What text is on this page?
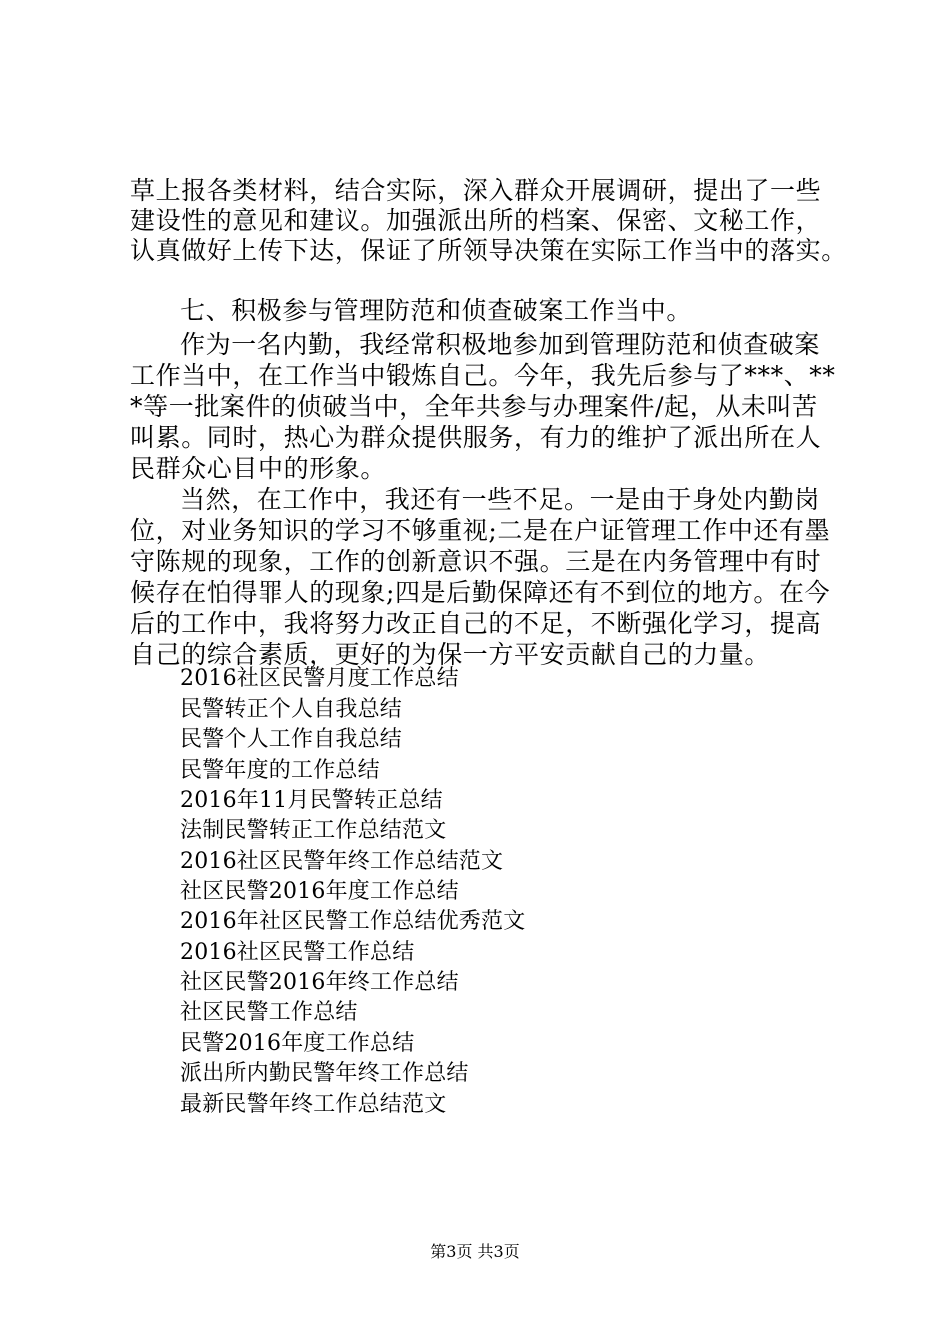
草上报各类材料，结合实际，深入群众开展调研，提出了一些
建设性的意见和建议。加强派出所的档案、保密、文秘工作，
认真做好上传下达，保证了所领导决策在实际工作当中的落实。
七、积极参与管理防范和侦查破案工作当中。
作为一名内勤，我经常积极地参加到管理防范和侦查破案
工作当中，在工作当中锻炼自己。今年，我先后参与了***、**
*等一批案件的侦破当中，全年共参与办理案件/起，从未叫苦
叫累。同时，热心为群众提供服务，有力的维护了派出所在人
民群众心目中的形象。
当然，在工作中，我还有一些不足。一是由于身处内勤岗
位，对业务知识的学习不够重视;二是在户证管理工作中还有墨
守陈规的现象，工作的创新意识不强。三是在内务管理中有时
候存在怕得罪人的现象;四是后勤保障还有不到位的地方。在今
后的工作中，我将努力改正自己的不足，不断强化学习，提高
自己的综合素质，更好的为保一方平安贡献自己的力量。
2016社区民警月度工作总结
民警转正个人自我总结
民警个人工作自我总结
民警年度的工作总结
2016年11月民警转正总结
法制民警转正工作总结范文
2016社区民警年终工作总结范文
社区民警2016年度工作总结
2016年社区民警工作总结优秀范文
2016社区民警工作总结
社区民警2016年终工作总结
社区民警工作总结
民警2016年度工作总结
派出所内勤民警年终工作总结
最新民警年终工作总结范文
第3页 共3页
